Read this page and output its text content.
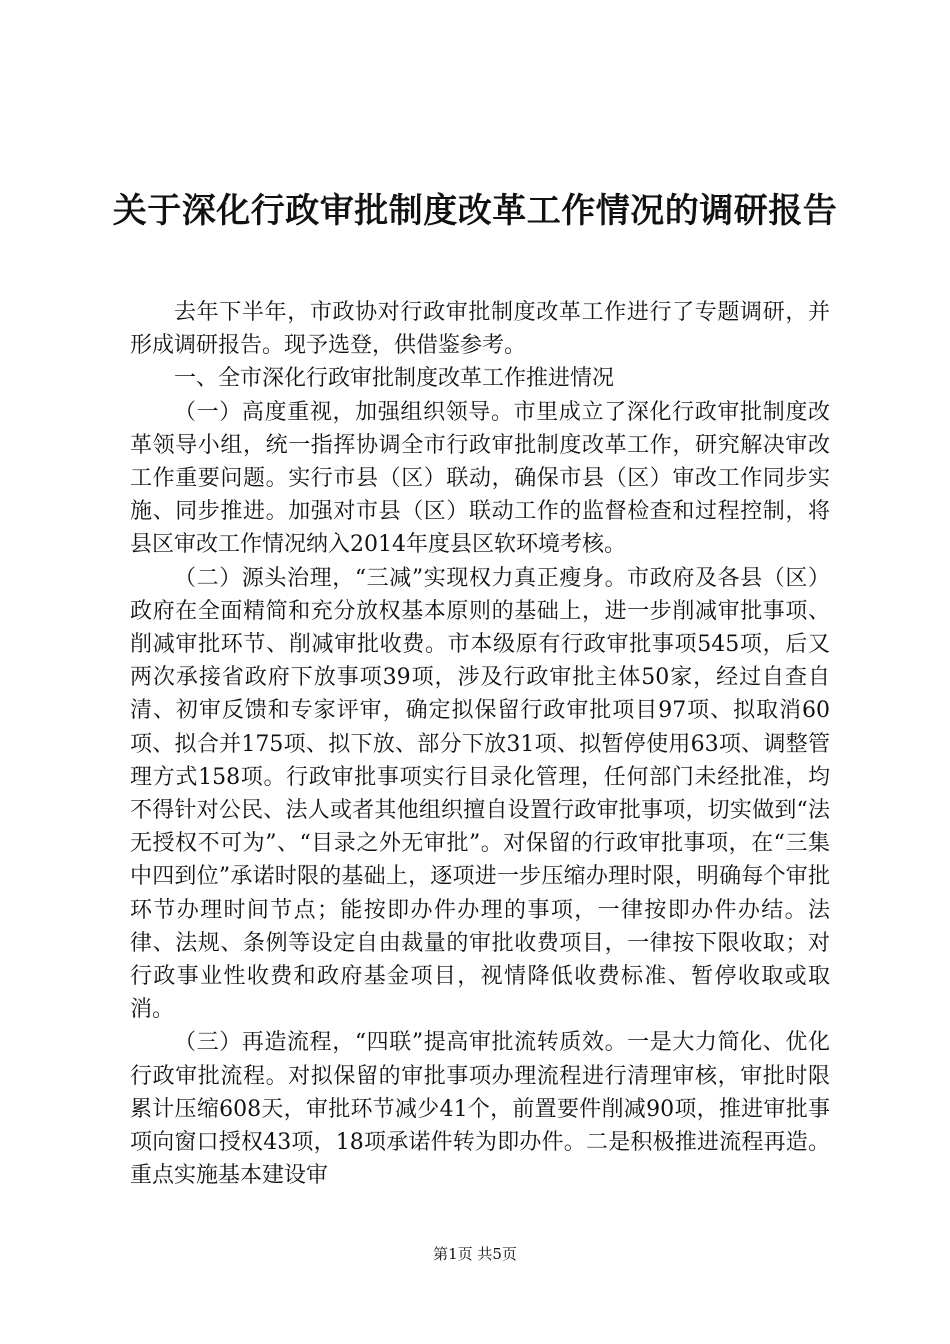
关于深化行政审批制度改革工作情况的调研报告

去年下半年，市政协对行政审批制度改革工作进行了专题调研，并形成调研报告。现予选登，供借鉴参考。

一、全市深化行政审批制度改革工作推进情况

（一）高度重视，加强组织领导。市里成立了深化行政审批制度改革领导小组，统一指挥协调全市行政审批制度改革工作，研究解决审改工作重要问题。实行市县（区）联动，确保市县（区）审改工作同步实施、同步推进。加强对市县（区）联动工作的监督检查和过程控制，将县区审改工作情况纳入2014年度县区软环境考核。

（二）源头治理，“三减”实现权力真正瘦身。市政府及各县（区）政府在全面精简和充分放权基本原则的基础上，进一步削减审批事项、削减审批环节、削减审批收费。市本级原有行政审批事项545项，后又两次承接省政府下放事项39项，涉及行政审批主体50家，经过自查自清、初审反馈和专家评审，确定拟保留行政审批项目97项、拟取消60项、拟合并175项、拟下放、部分下放31项、拟暂停使用63项、调整管理方式158项。行政审批事项实行目录化管理，任何部门未经批准，均不得针对公民、法人或者其他组织擅自设置行政审批事项，切实做到“法无授权不可为”、“目录之外无审批”。对保留的行政审批事项，在“三集中四到位”承诺时限的基础上，逐项进一步压缩办理时限，明确每个审批环节办理时间节点；能按即办件办理的事项，一律按即办件办结。法律、法规、条例等设定自由裁量的审批收费项目，一律按下限收取；对行政事业性收费和政府基金项目，视情降低收费标准、暂停收取或取消。

（三）再造流程，“四联”提高审批流转质效。一是大力简化、优化行政审批流程。对拟保留的审批事项办理流程进行清理审核，审批时限累计压缩608天，审批环节减少41个，前置要件削减90项，推进审批事项向窗口授权43项，18项承诺件转为即办件。二是积极推进流程再造。重点实施基本建设审

第1页 共5页
